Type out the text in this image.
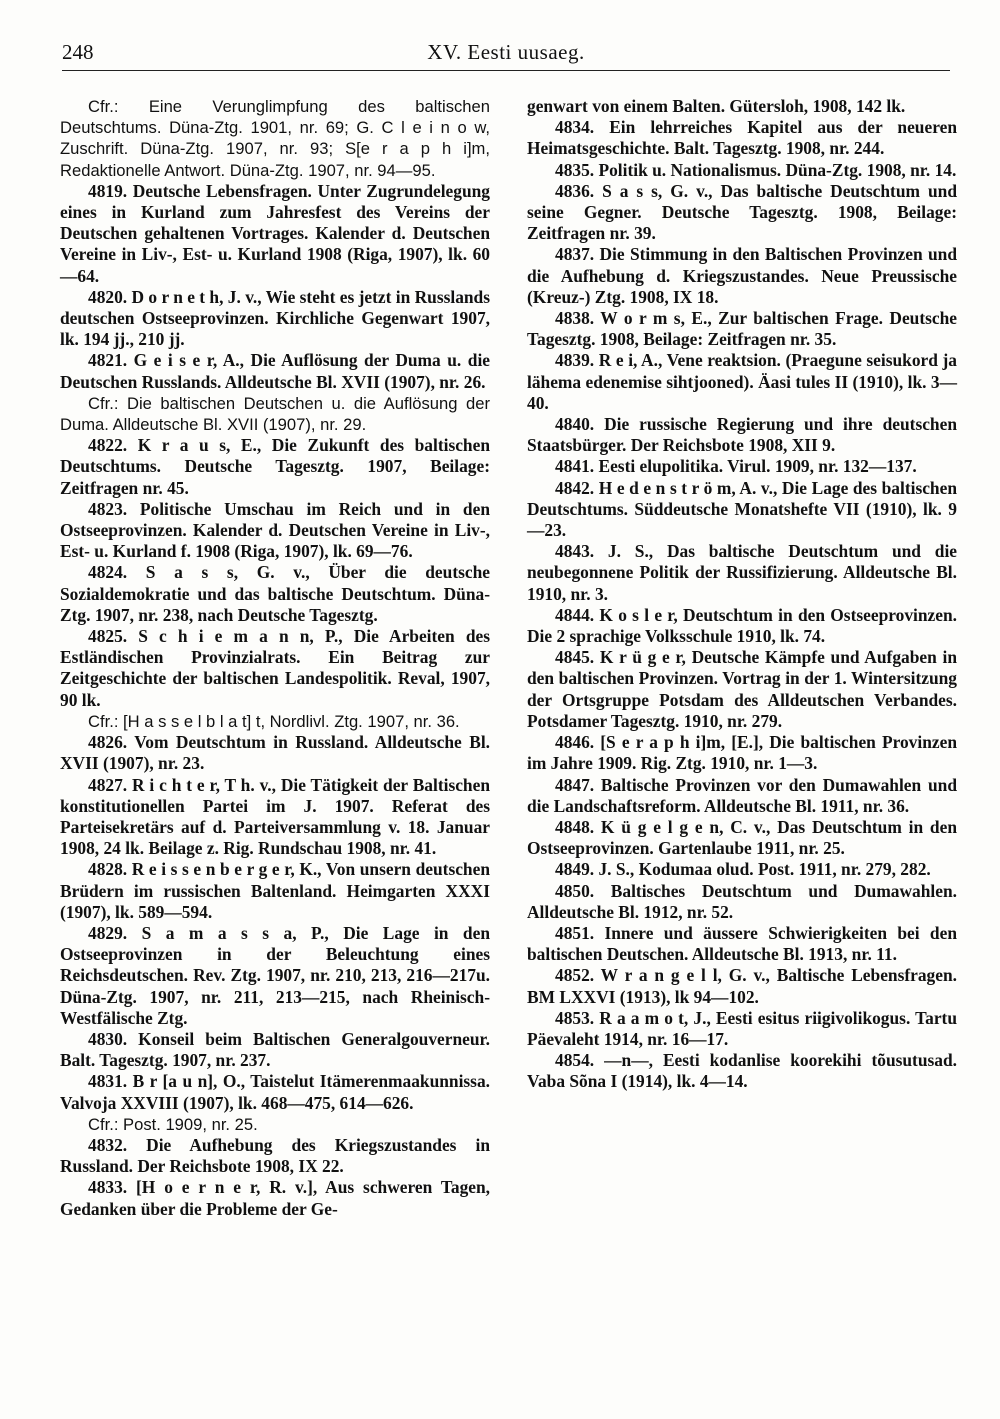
248	XV. Eesti uusaeg.

Cfr.: Eine Verunglimpfung des baltischen Deutschtums. Düna-Ztg. 1901, nr. 69; G. C l e i n o w, Zuschrift. Düna-Ztg. 1907, nr. 93; S[e r a p h i]m, Redaktionelle Antwort. Düna-Ztg. 1907, nr. 94—95.

4819. Deutsche Lebensfragen. Unter Zugrundelegung eines in Kurland zum Jahresfest des Vereins der Deutschen gehaltenen Vortrages. Kalender d. Deutschen Vereine in Liv-, Est- u. Kurland 1908 (Riga, 1907), lk. 60—64.

4820. D o r n e t h, J. v., Wie steht es jetzt in Russlands deutschen Ostseeprovinzen. Kirchliche Gegenwart 1907, lk. 194 jj., 210 jj.

4821. G e i s e r, A., Die Auflösung der Duma u. die Deutschen Russlands. Alldeutsche Bl. XVII (1907), nr. 26.

Cfr.: Die baltischen Deutschen u. die Auflösung der Duma. Alldeutsche Bl. XVII (1907), nr. 29.

4822. K r a u s, E., Die Zukunft des baltischen Deutschtums. Deutsche Tagesztg. 1907, Beilage: Zeitfragen nr. 45.

4823. Politische Umschau im Reich und in den Ostseeprovinzen. Kalender d. Deutschen Vereine in Liv-, Est- u. Kurland f. 1908 (Riga, 1907), lk. 69—76.

4824. S a s s, G. v., Über die deutsche Sozialdemokratie und das baltische Deutschtum. Düna-Ztg. 1907, nr. 238, nach Deutsche Tagesztg.

4825. S c h i e m a n n, P., Die Arbeiten des Estländischen Provinzialrats. Ein Beitrag zur Zeitgeschichte der baltischen Landespolitik. Reval, 1907, 90 lk.

Cfr.: [H a s s e l b l a t] t, Nordlivl. Ztg. 1907, nr. 36.

4826. Vom Deutschtum in Russland. Alldeutsche Bl. XVII (1907), nr. 23.

4827. R i c h t e r, T h. v., Die Tätigkeit der Baltischen konstitutionellen Partei im J. 1907. Referat des Parteisekretärs auf d. Parteiversammlung v. 18. Januar 1908, 24 lk. Beilage z. Rig. Rundschau 1908, nr. 41.

4828. R e i s s e n b e r g e r, K., Von unsern deutschen Brüdern im russischen Baltenland. Heimgarten XXXI (1907), lk. 589—594.

4829. S a m a s s a, P., Die Lage in den Ostseeprovinzen in der Beleuchtung eines Reichsdeutschen. Rev. Ztg. 1907, nr. 210, 213, 216—217u. Düna-Ztg. 1907, nr. 211, 213—215, nach Rheinisch-Westfälische Ztg.

4830. Konseil beim Baltischen Generalgouverneur. Balt. Tagesztg. 1907, nr. 237.

4831. B r [a u n], O., Taistelut Itämerenmaakunnissa. Valvoja XXVIII (1907), lk. 468—475, 614—626.

Cfr.: Post. 1909, nr. 25.

4832. Die Aufhebung des Kriegszustandes in Russland. Der Reichsbote 1908, IX 22.

4833. [H o e r n e r, R. v.], Aus schweren Tagen, Gedanken über die Probleme der Ge-

genwart von einem Balten. Gütersloh, 1908, 142 lk.

4834. Ein lehrreiches Kapitel aus der neueren Heimatsgeschichte. Balt. Tagesztg. 1908, nr. 244.

4835. Politik u. Nationalismus. Düna-Ztg. 1908, nr. 14.

4836. S a s s, G. v., Das baltische Deutschtum und seine Gegner. Deutsche Tagesztg. 1908, Beilage: Zeitfragen nr. 39.

4837. Die Stimmung in den Baltischen Provinzen und die Aufhebung d. Kriegszustandes. Neue Preussische (Kreuz-) Ztg. 1908, IX 18.

4838. W o r m s, E., Zur baltischen Frage. Deutsche Tagesztg. 1908, Beilage: Zeitfragen nr. 35.

4839. R e i, A., Vene reaktsion. (Praegune seisukord ja lähema edenemise sihtjooned). Äasi tules II (1910), lk. 3—40.

4840. Die russische Regierung und ihre deutschen Staatsbürger. Der Reichsbote 1908, XII 9.

4841. Eesti elupolitika. Virul. 1909, nr. 132—137.

4842. H e d e n s t r ö m, A. v., Die Lage des baltischen Deutschtums. Süddeutsche Monatshefte VII (1910), lk. 9—23.

4843. J. S., Das baltische Deutschtum und die neubegonnene Politik der Russifizierung. Alldeutsche Bl. 1910, nr. 3.

4844. K o s l e r, Deutschtum in den Ostseeprovinzen. Die 2 sprachige Volksschule 1910, lk. 74.

4845. K r ü g e r, Deutsche Kämpfe und Aufgaben in den baltischen Provinzen. Vortrag in der 1. Wintersitzung der Ortsgruppe Potsdam des Alldeutschen Verbandes. Potsdamer Tagesztg. 1910, nr. 279.

4846. [S e r a p h i]m, [E.], Die baltischen Provinzen im Jahre 1909. Rig. Ztg. 1910, nr. 1—3.

4847. Baltische Provinzen vor den Dumawahlen und die Landschaftsreform. Alldeutsche Bl. 1911, nr. 36.

4848. K ü g e l g e n, C. v., Das Deutschtum in den Ostseeprovinzen. Gartenlaube 1911, nr. 25.

4849. J. S., Kodumaa olud. Post. 1911, nr. 279, 282.

4850. Baltisches Deutschtum und Dumawahlen. Alldeutsche Bl. 1912, nr. 52.

4851. Innere und äussere Schwierigkeiten bei den baltischen Deutschen. Alldeutsche Bl. 1913, nr. 11.

4852. W r a n g e l l, G. v., Baltische Lebensfragen. BM LXXVI (1913), lk 94—102.

4853. R a a m o t, J., Eesti esitus riigivolikogus. Tartu Päevaleht 1914, nr. 16—17.

4854. —n—, Eesti kodanlise koorekihi tõusutusad. Vaba Sõna I (1914), lk. 4—14.
